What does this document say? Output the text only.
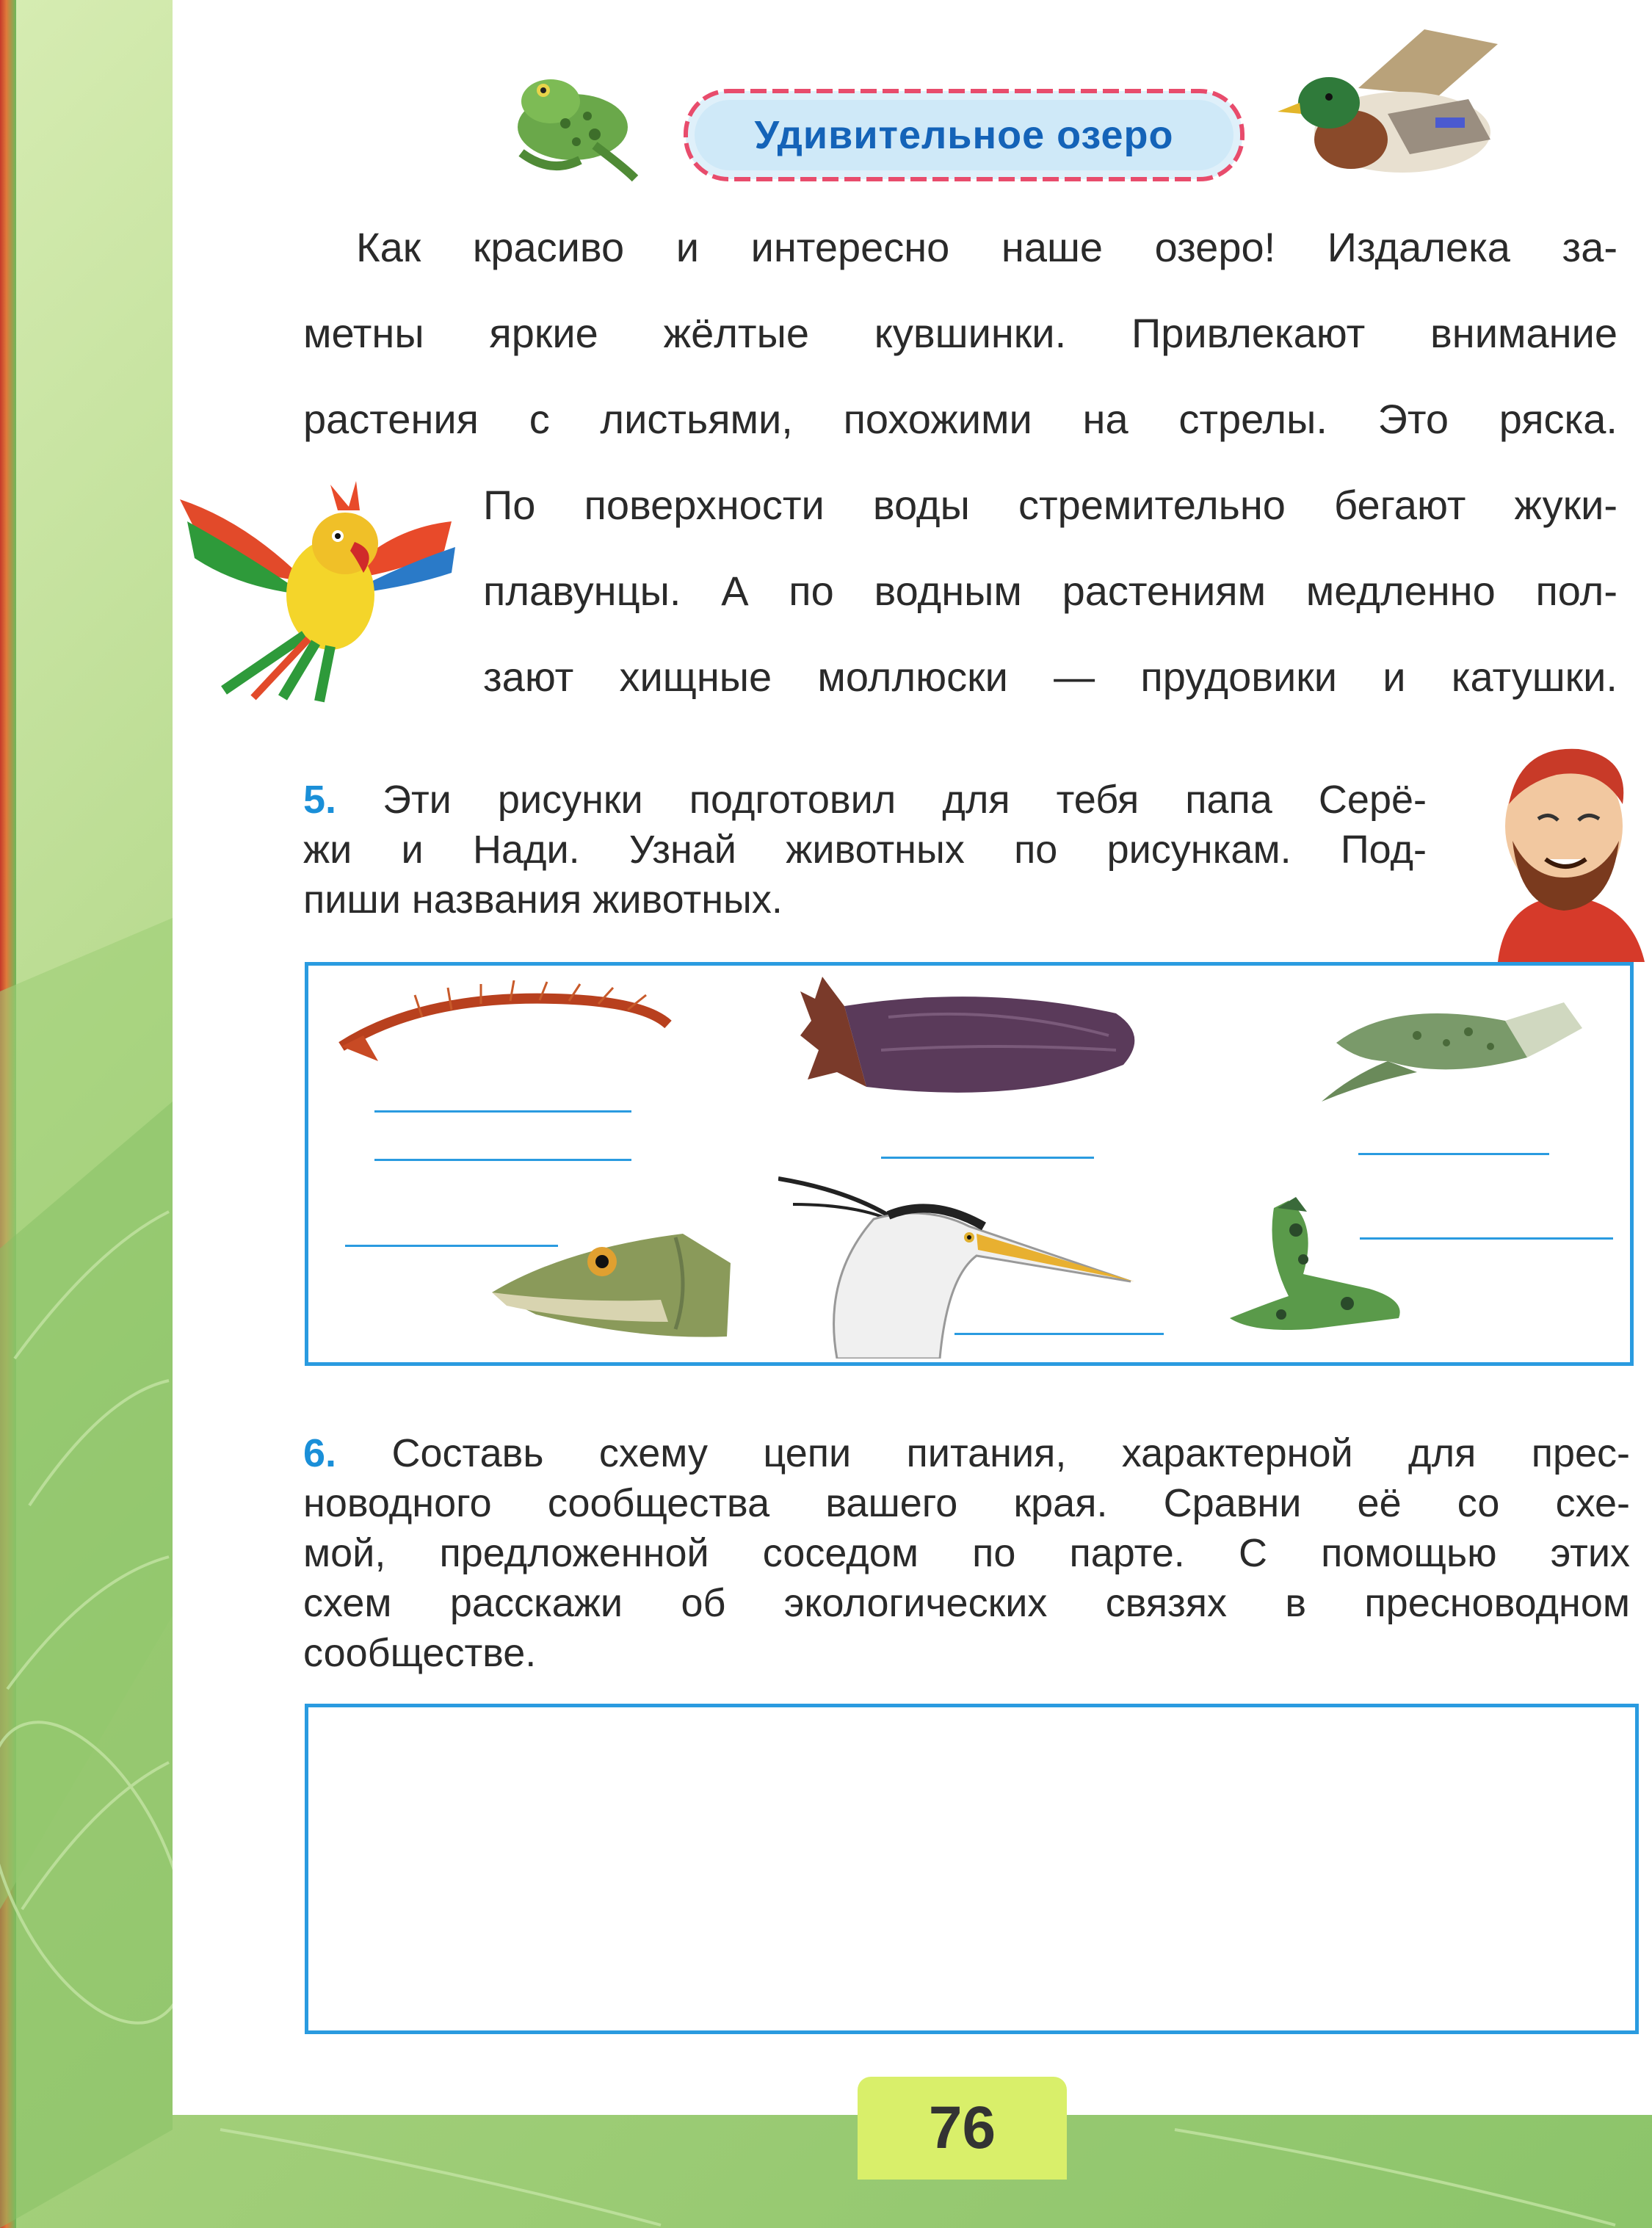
Удивительное озеро
Как красиво и интересно наше озеро! Издалека за-
метны яркие жёлтые кувшинки. Привлекают внимание
растения с листьями, похожими на стрелы. Это ряска.
По поверхности воды стремительно бегают жуки-
плавунцы. А по водным растениям медленно пол-
зают хищные моллюски — прудовики и катушки.
5. Эти рисунки подготовил для тебя папа Серё-
жи и Нади. Узнай животных по рисункам. Под-
пиши названия животных.
6. Составь схему цепи питания, характерной для прес-
новодного сообщества вашего края. Сравни её со схе-
мой, предложенной соседом по парте. С помощью этих
схем расскажи об экологических связях в пресноводном
сообществе.
76
